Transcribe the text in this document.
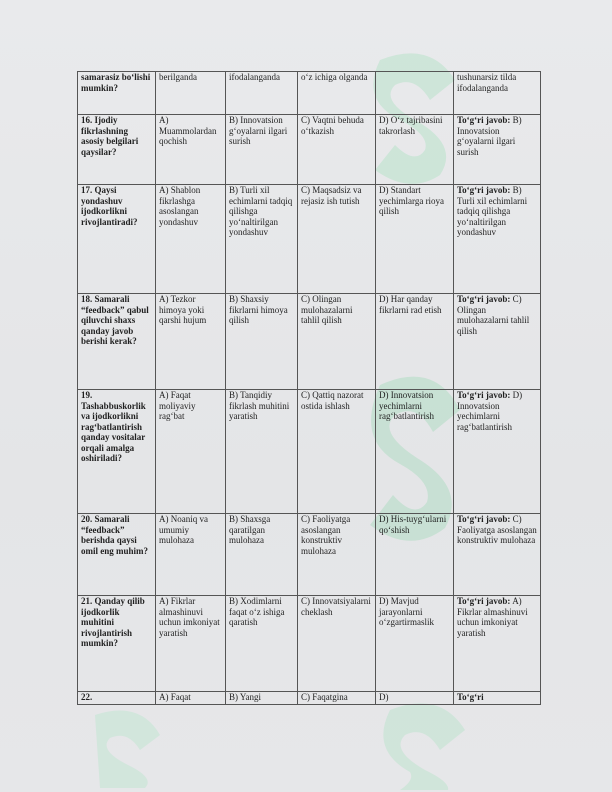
samarasiz bo‘lishi mumkin?	berilganda	ifodalanganda	o‘z ichiga olganda		tushunarsiz tilda ifodalanganda
16. Ijodiy fikrlashning asosiy belgilari qaysilar?	A) Muammolardan qochish	B) Innovatsion g‘oyalarni ilgari surish	C) Vaqtni behuda o‘tkazish	D) O‘z tajribasini takrorlash	To‘g‘ri javob: B) Innovatsion g‘oyalarni ilgari surish
17. Qaysi yondashuv ijodkorlikni rivojlantiradi?	A) Shablon fikrlashga asoslangan yondashuv	B) Turli xil echimlarni tadqiq qilishga yo‘naltirilgan yondashuv	C) Maqsadsiz va rejasiz ish tutish	D) Standart yechimlarga rioya qilish	To‘g‘ri javob: B) Turli xil echimlarni tadqiq qilishga yo‘naltirilgan yondashuv
18. Samarali “feedback” qabul qiluvchi shaxs qanday javob berishi kerak?	A) Tezkor himoya yoki qarshi hujum	B) Shaxsiy fikrlarni himoya qilish	C) Olingan mulohazalarni tahlil qilish	D) Har qanday fikrlarni rad etish	To‘g‘ri javob: C) Olingan mulohazalarni tahlil qilish
19. Tashabbuskorlik va ijodkorlikni rag‘batlantirish qanday vositalar orqali amalga oshiriladi?	A) Faqat moliyaviy rag‘bat	B) Tanqidiy fikrlash muhitini yaratish	C) Qattiq nazorat ostida ishlash	D) Innovatsion yechimlarni rag‘batlantirish	To‘g‘ri javob: D) Innovatsion yechimlarni rag‘batlantirish
20. Samarali “feedback” berishda qaysi omil eng muhim?	A) Noaniq va umumiy mulohaza	B) Shaxsga qaratilgan mulohaza	C) Faoliyatga asoslangan konstruktiv mulohaza	D) His-tuyg‘ularni qo‘shish	To‘g‘ri javob: C) Faoliyatga asoslangan konstruktiv mulohaza
21. Qanday qilib ijodkorlik muhitini rivojlantirish mumkin?	A) Fikrlar almashinuvi uchun imkoniyat yaratish	B) Xodimlarni faqat o‘z ishiga qaratish	C) Innovatsiyalarni cheklash	D) Mavjud jarayonlarni o‘zgartirmaslik	To‘g‘ri javob: A) Fikrlar almashinuvi uchun imkoniyat yaratish
22.	A) Faqat	B) Yangi	C) Faqatgina	D)	To‘g‘ri
